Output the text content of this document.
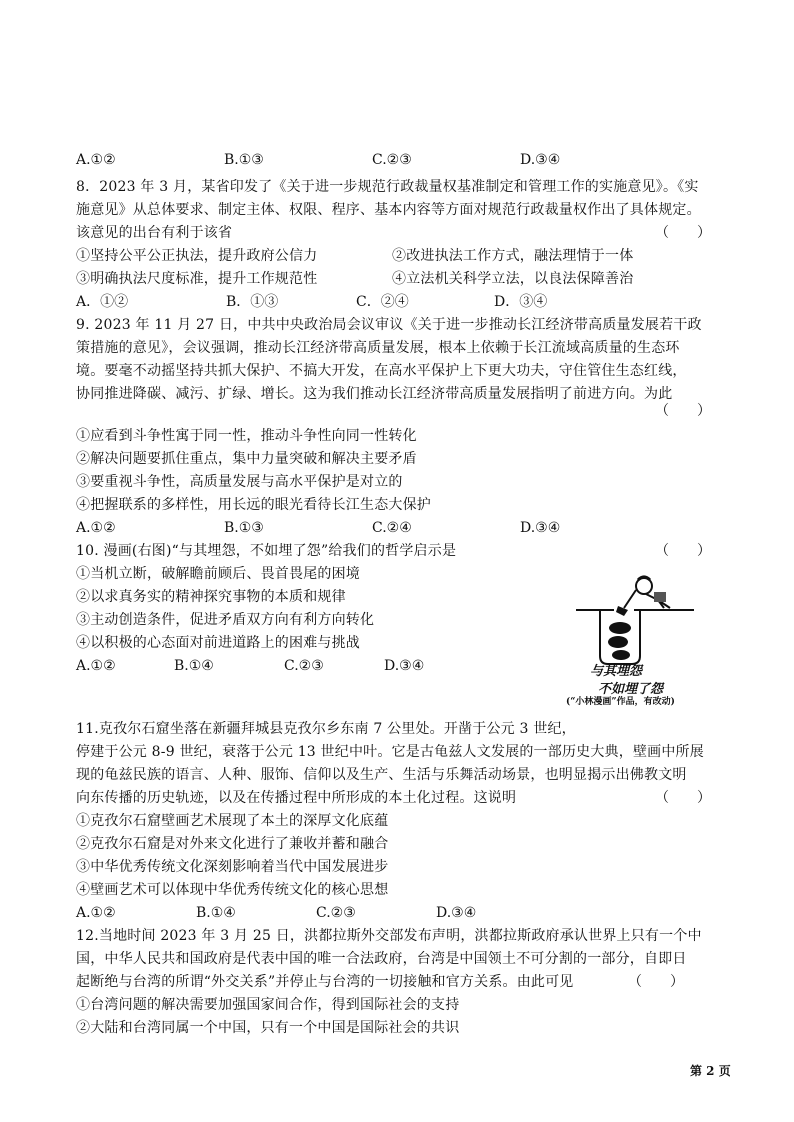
A.①②	B.①③	C.②③	D.③④
8．2023 年 3 月，某省印发了《关于进一步规范行政裁量权基准制定和管理工作的实施意见》。《实
施意见》从总体要求、制定主体、权限、程序、基本内容等方面对规范行政裁量权作出了具体规定。
该意见的出台有利于该省	（　　）
①坚持公平公正执法，提升政府公信力	②改进执法工作方式，融法理情于一体
③明确执法尺度标准，提升工作规范性	④立法机关科学立法，以良法保障善治
A．①②	B．①③	C．②④	D．③④
9. 2023 年 11 月 27 日，中共中央政治局会议审议《关于进一步推动长江经济带高质量发展若干政
策措施的意见》，会议强调，推动长江经济带高质量发展，根本上依赖于长江流域高质量的生态环
境。要毫不动摇坚持共抓大保护、不搞大开发，在高水平保护上下更大功夫，守住管住生态红线，
协同推进降碳、减污、扩绿、增长。这为我们推动长江经济带高质量发展指明了前进方向。为此
（　　）
①应看到斗争性寓于同一性，推动斗争性向同一性转化
②解决问题要抓住重点，集中力量突破和解决主要矛盾
③要重视斗争性，高质量发展与高水平保护是对立的
④把握联系的多样性，用长远的眼光看待长江生态大保护
A.①②	B.①③	C.②④	D.③④
10. 漫画(右图)“与其埋怨，不如埋了怨”给我们的哲学启示是	（　　）
①当机立断，破解瞻前顾后、畏首畏尾的困境
②以求真务实的精神探究事物的本质和规律
③主动创造条件，促进矛盾双方向有利方向转化
④以积极的心态面对前进道路上的困难与挑战
A.①②	B.①④	C.②③	D.③④	与其埋怨
不如埋了怨
(“小林漫画”作品，有改动)
11.克孜尔石窟坐落在新疆拜城县克孜尔乡东南 7 公里处。开凿于公元 3 世纪，
停建于公元 8-9 世纪，衰落于公元 13 世纪中叶。它是古龟兹人文发展的一部历史大典，壁画中所展
现的龟兹民族的语言、人种、服饰、信仰以及生产、生活与乐舞活动场景，也明显揭示出佛教文明
向东传播的历史轨迹，以及在传播过程中所形成的本土化过程。这说明	（　　）
①克孜尔石窟壁画艺术展现了本土的深厚文化底蕴
②克孜尔石窟是对外来文化进行了兼收并蓄和融合
③中华优秀传统文化深刻影响着当代中国发展进步
④壁画艺术可以体现中华优秀传统文化的核心思想
A.①②	B.①④	C.②③	D.③④
12.当地时间 2023 年 3 月 25 日，洪都拉斯外交部发布声明，洪都拉斯政府承认世界上只有一个中
国，中华人民共和国政府是代表中国的唯一合法政府，台湾是中国领土不可分割的一部分，自即日
起断绝与台湾的所谓“外交关系”并停止与台湾的一切接触和官方关系。由此可见	（　　）
①台湾问题的解决需要加强国家间合作，得到国际社会的支持
②大陆和台湾同属一个中国，只有一个中国是国际社会的共识
第 2 页
